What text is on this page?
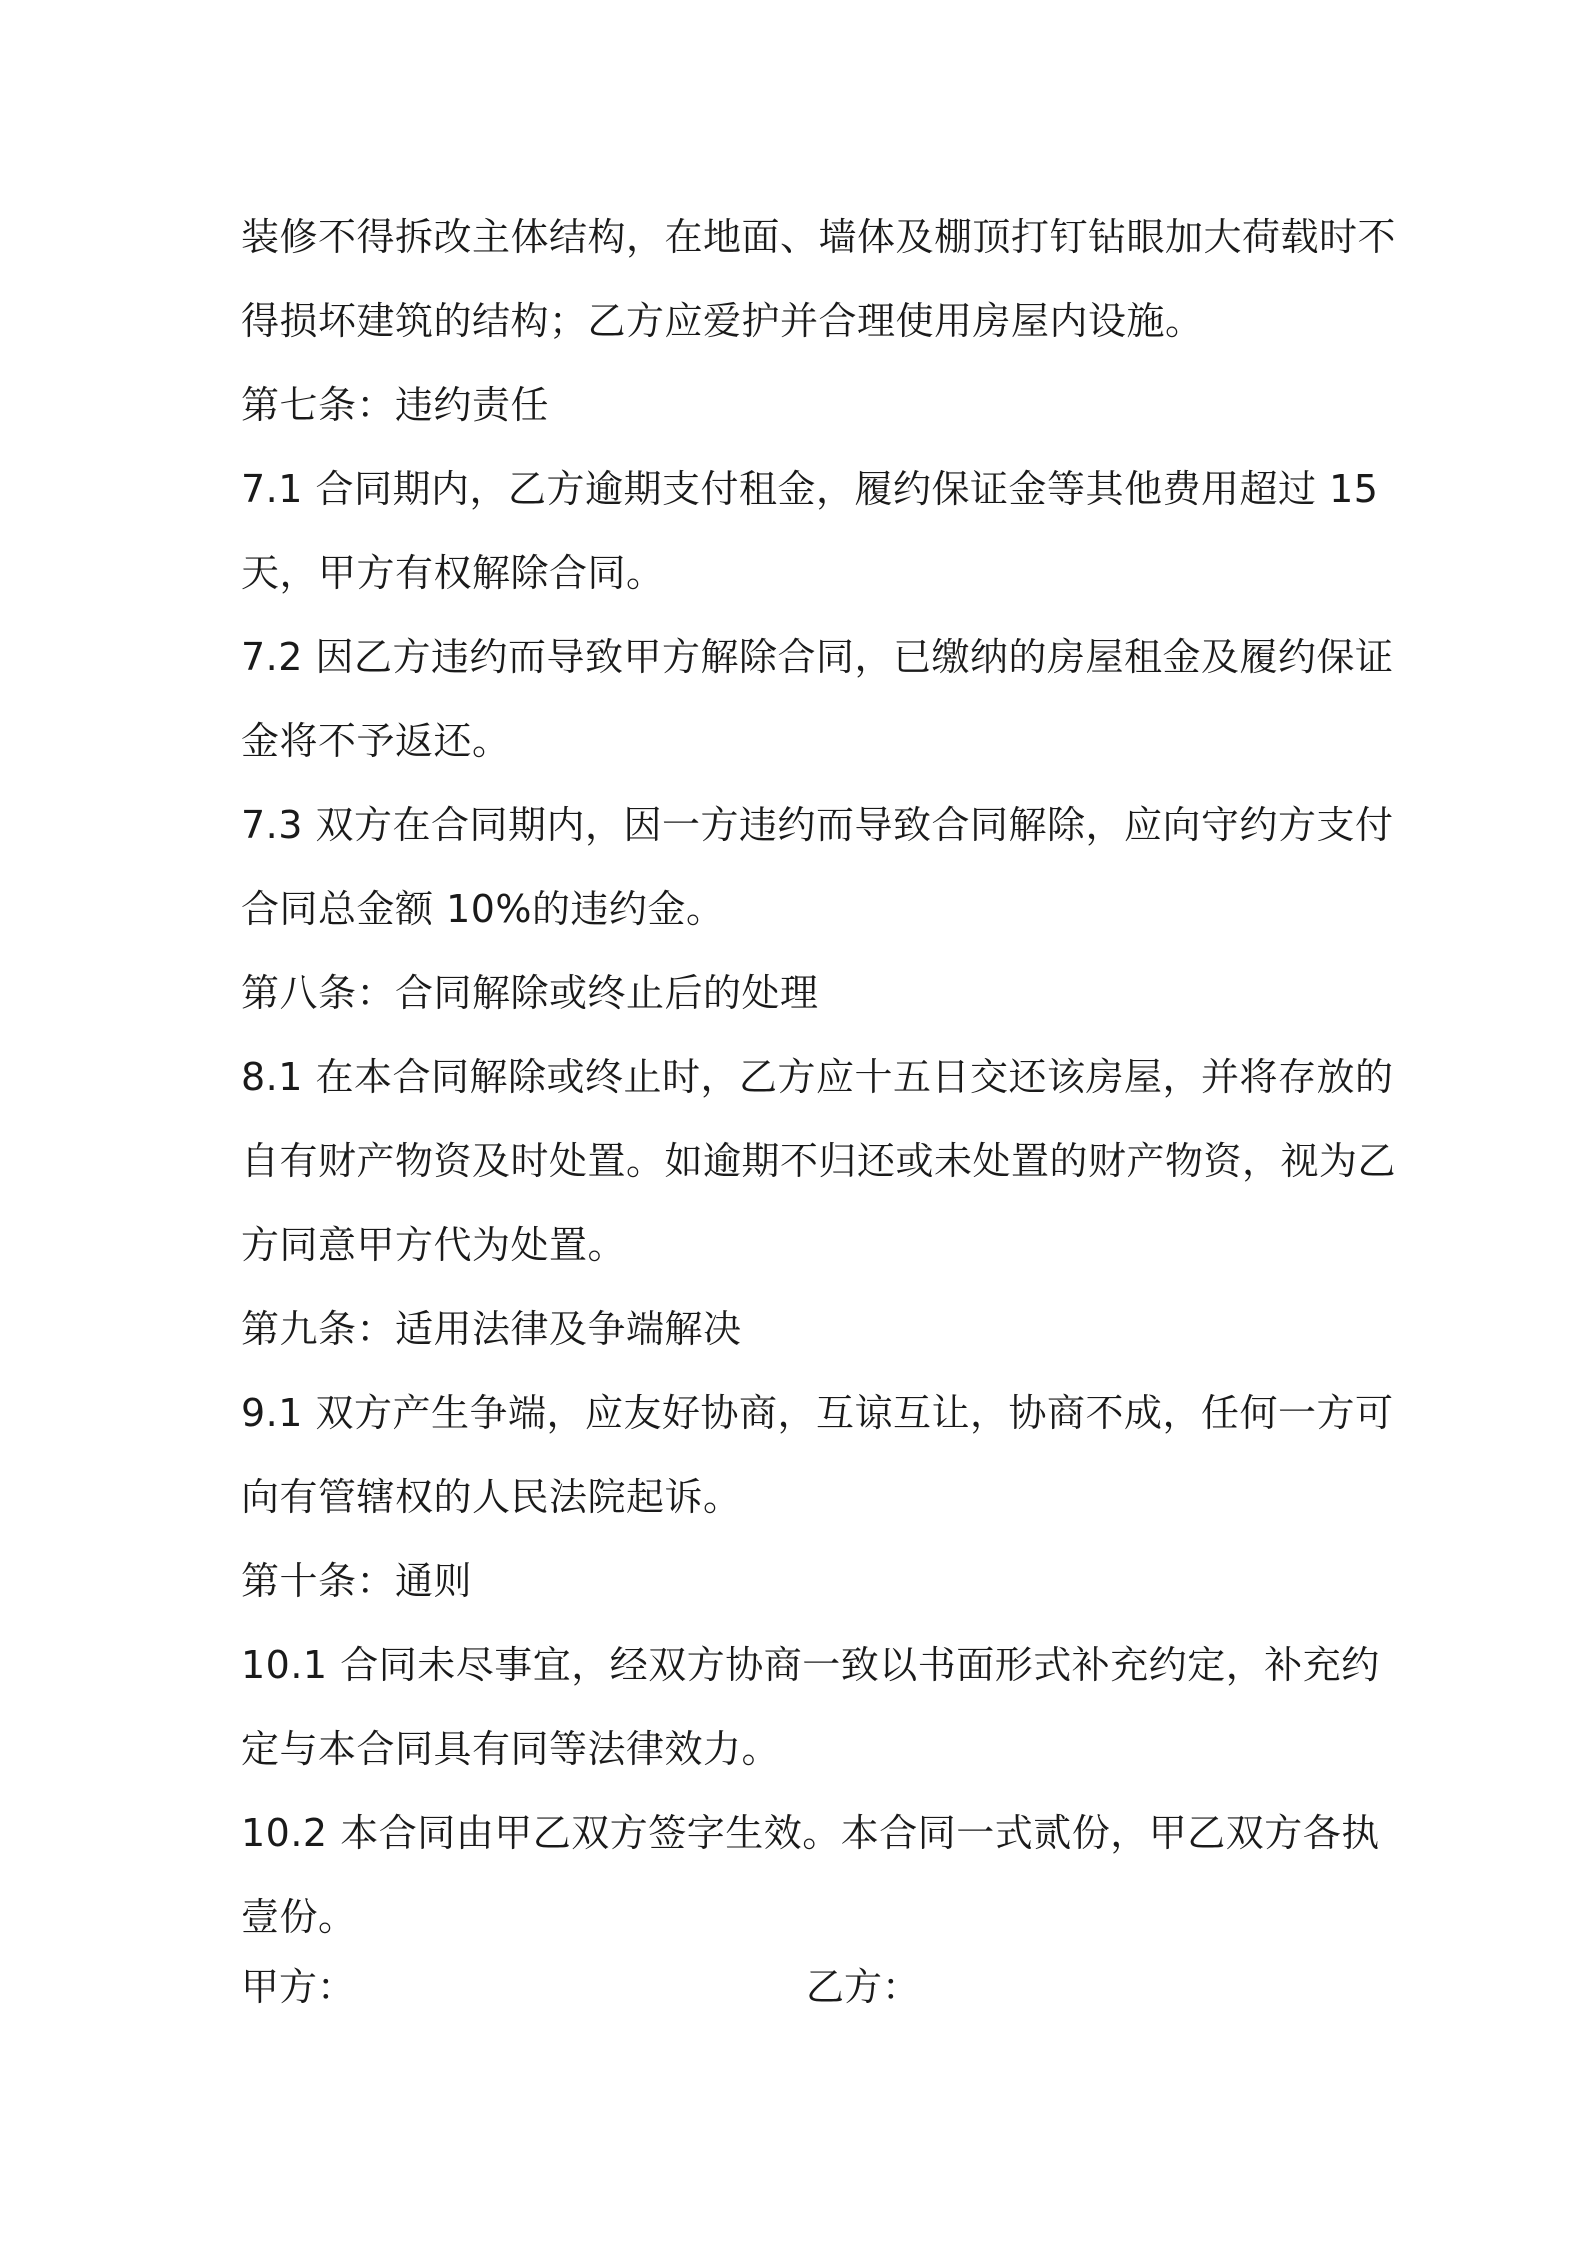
装修不得拆改主体结构，在地面、墙体及棚顶打钉钻眼加大荷载时不

得损坏建筑的结构；乙方应爱护并合理使用房屋内设施。

第七条：违约责任

7.1 合同期内，乙方逾期支付租金，履约保证金等其他费用超过 15

天，甲方有权解除合同。

7.2 因乙方违约而导致甲方解除合同，已缴纳的房屋租金及履约保证

金将不予返还。

7.3 双方在合同期内，因一方违约而导致合同解除，应向守约方支付

合同总金额 10%的违约金。

第八条：合同解除或终止后的处理

8.1 在本合同解除或终止时，乙方应十五日交还该房屋，并将存放的

自有财产物资及时处置。如逾期不归还或未处置的财产物资，视为乙

方同意甲方代为处置。

第九条：适用法律及争端解决

9.1 双方产生争端，应友好协商，互谅互让，协商不成，任何一方可

向有管辖权的人民法院起诉。

第十条：通则

10.1 合同未尽事宜，经双方协商一致以书面形式补充约定，补充约

定与本合同具有同等法律效力。

10.2 本合同由甲乙双方签字生效。本合同一式贰份，甲乙双方各执

壹份。

甲方：	乙方：
